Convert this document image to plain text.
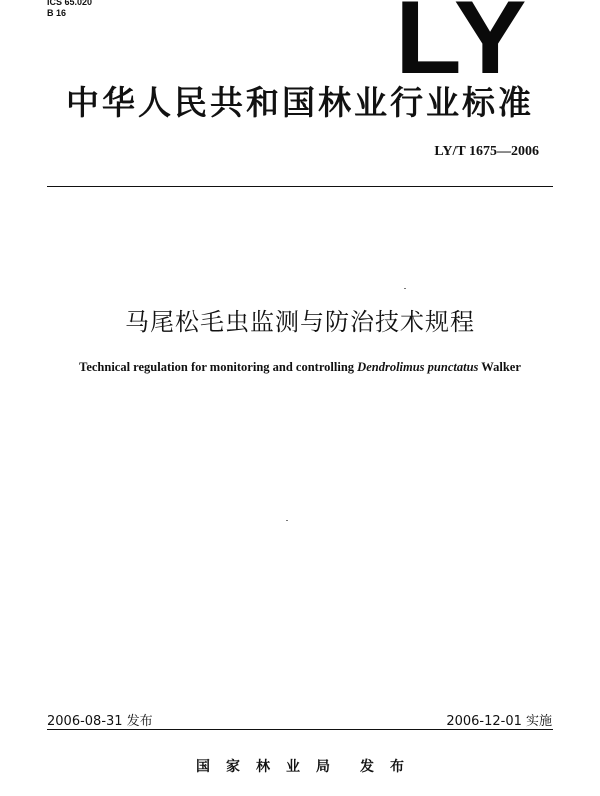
ICS 65.020
B 16	LY
中华人民共和国林业行业标准
LY/T 1675—2006
马尾松毛虫监测与防治技术规程
Technical regulation for monitoring and controlling Dendrolimus punctatus Walker
2006-08-31 发布	2006-12-01 实施
国 家 林 业 局 发 布
